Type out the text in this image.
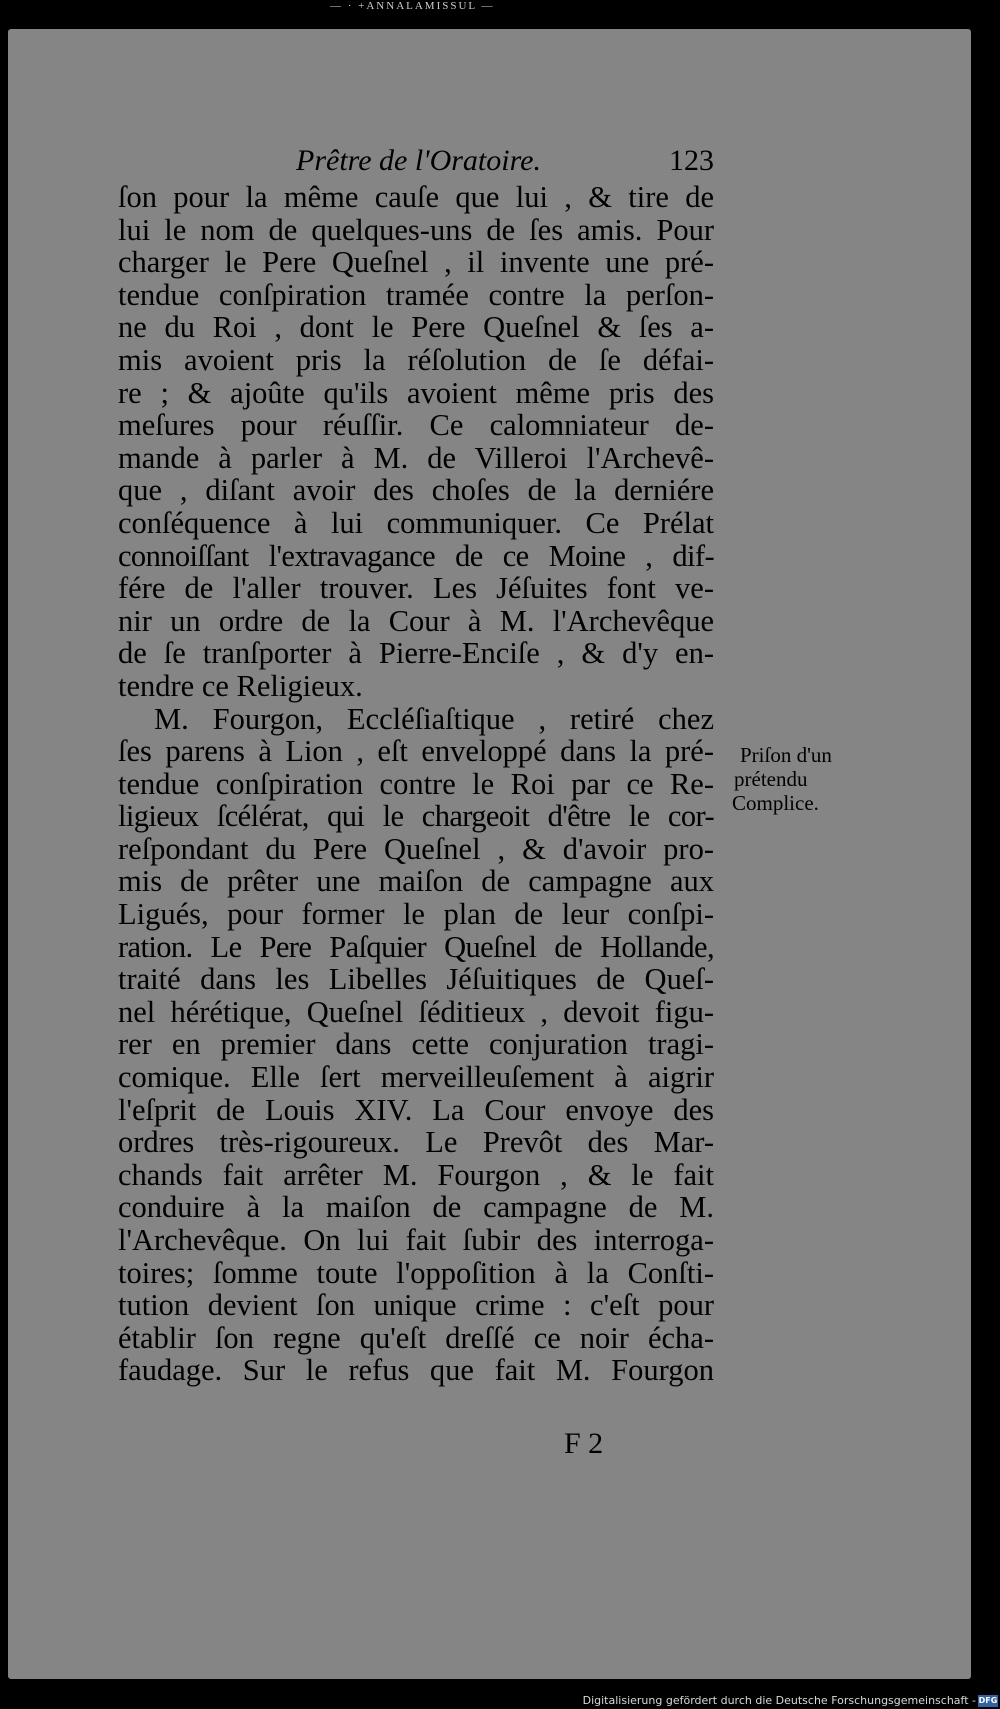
— · +ANNALAMISSUL —
Prêtre de l'Oratoire.	123
ſon pour la même cauſe que lui , & tire de
lui le nom de quelques-uns de ſes amis. Pour
charger le Pere Queſnel , il invente une pré-
tendue conſpiration tramée contre la perſon-
ne du Roi , dont le Pere Queſnel & ſes a-
mis avoient pris la réſolution de ſe défai-
re ; & ajoûte qu'ils avoient même pris des
meſures pour réuſſir. Ce calomniateur de-
mande à parler à M. de Villeroi l'Archevê-
que , diſant avoir des choſes de la derniére
conſéquence à lui communiquer. Ce Prélat
connoiſſant l'extravagance de ce Moine , dif-
fére de l'aller trouver. Les Jéſuites font ve-
nir un ordre de la Cour à M. l'Archevêque
de ſe tranſporter à Pierre-Enciſe , & d'y en-
tendre ce Religieux.
M. Fourgon, Eccléſiaſtique , retiré chez
ſes parens à Lion , eſt enveloppé dans la pré-
tendue conſpiration contre le Roi par ce Re-
ligieux ſcélérat, qui le chargeoit d'être le cor-
reſpondant du Pere Queſnel , & d'avoir pro-
mis de prêter une maiſon de campagne aux
Ligués, pour former le plan de leur conſpi-
ration. Le Pere Paſquier Queſnel de Hollande,
traité dans les Libelles Jéſuitiques de Queſ-
nel hérétique, Queſnel ſéditieux , devoit figu-
rer en premier dans cette conjuration tragi-
comique. Elle ſert merveilleuſement à aigrir
l'eſprit de Louis XIV. La Cour envoye des
ordres très-rigoureux. Le Prevôt des Mar-
chands fait arrêter M. Fourgon , & le fait
conduire à la maiſon de campagne de M.
l'Archevêque. On lui fait ſubir des interroga-
toires; ſomme toute l'oppoſition à la Conſti-
tution devient ſon unique crime : c'eſt pour
établir ſon regne qu'eſt dreſſé ce noir écha-
faudage. Sur le refus que fait M. Fourgon
Priſon d'un
prétendu
Complice.
F 2
Digitalisierung gefördert durch die Deutsche Forschungsgemeinschaft - DFG
